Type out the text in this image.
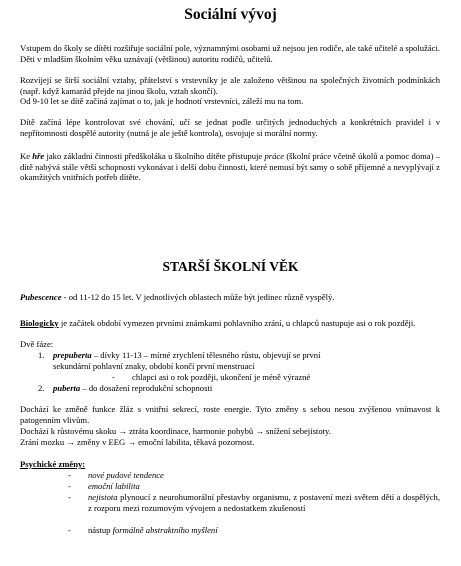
Sociální vývoj
Vstupem do školy se dítěti rozšiřuje sociální pole, významnými osobami už nejsou jen rodiče, ale také učitelé a spolužáci. Děti v mladším školním věku uznávají (většinou) autoritu rodičů, učitelů.
Rozvíjejí se širší sociální vztahy, přátelství s vrstevníky je ale založeno většinou na společných životních podmínkách (např. když kamarád přejde na jinou školu, vztah skončí).
Od 9-10 let se dítě začíná zajímat o to, jak je hodnotí vrstevníci, záleží mu na tom.
Dítě začíná lépe kontrolovat své chování, učí se jednat podle určitých jednoduchých a konkrétních pravidel i v nepřítomnosti dospělé autority (nutná je ale ještě kontrola), osvojuje si morální normy.
Ke hře jako základní činnosti předškoláka u školního dítěte přistupuje práce (školní práce včetně úkolů a pomoc doma) – dítě nabývá stále větší schopnosti vykonávat i delší dobu činnosti, které nemusí být samy o sobě příjemné a nevyplývají z okamžitých vnitřních potřeb dítěte.
STARŠÍ ŠKOLNÍ VĚK
Pubescence - od 11-12 do 15 let. V jednotlivých oblastech může být jedinec různě vyspělý.
Biologicky je začátek období vymezen prvními známkami pohlavního zrání, u chlapců nastupuje asi o rok později.
Dvě fáze:
1. prepuberta – dívky 11-13 – mírné zrychlení tělesného růstu, objevují se první
sekundární pohlavní znaky, období končí první menstruací
- chlapci asi o rok později, ukončení je méně výrazné
2. puberta – do dosažení reprodukční schopnosti
Dochází ke změně funkce žláz s vnitřní sekrecí, roste energie. Tyto změny s sebou nesou zvýšenou vnímavost k patogenním vlivům.
Dochází k růstovému skoku → ztráta koordinace, harmonie pohybů → snížení sebejistoty.
Zrání mozku → změny v EEG → emoční labilita, těkavá pozornost.
Psychické změny:
- nové pudové tendence
- emoční labilita
- nejistota plynoucí z neurohumorální přestavby organismu, z postavení mezi světem dětí a dospělých, z rozporu mezi rozumovým vývojem a nedostatkem zkušeností
- nástup formálně abstraktního myšlení
